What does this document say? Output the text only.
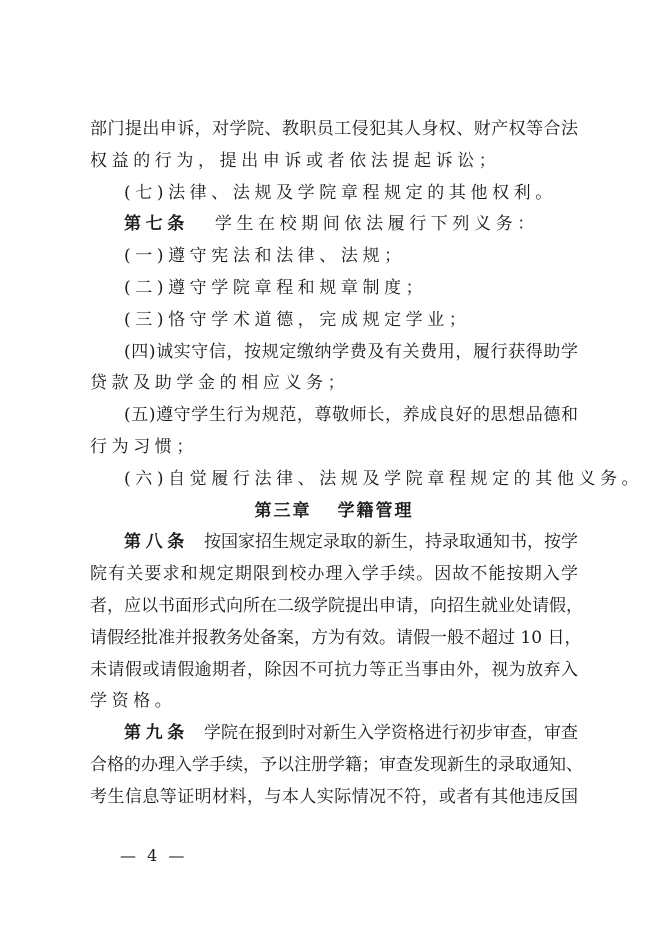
部门提出申诉，对学院、教职员工侵犯其人身权、财产权等合法
权益的行为，提出申诉或者依法提起诉讼；
(七)法律、法规及学院章程规定的其他权利。
第七条 学生在校期间依法履行下列义务：
(一)遵守宪法和法律、法规；
(二)遵守学院章程和规章制度；
(三)恪守学术道德，完成规定学业；
(四)诚实守信，按规定缴纳学费及有关费用，履行获得助学
贷款及助学金的相应义务；
(五)遵守学生行为规范，尊敬师长，养成良好的思想品德和
行为习惯；
(六)自觉履行法律、法规及学院章程规定的其他义务。
第三章 学籍管理
第八条 按国家招生规定录取的新生，持录取通知书，按学
院有关要求和规定期限到校办理入学手续。因故不能按期入学
者，应以书面形式向所在二级学院提出申请，向招生就业处请假，
请假经批准并报教务处备案，方为有效。请假一般不超过 10 日，
未请假或请假逾期者，除因不可抗力等正当事由外，视为放弃入
学资格。
第九条 学院在报到时对新生入学资格进行初步审查，审查
合格的办理入学手续，予以注册学籍；审查发现新生的录取通知、
考生信息等证明材料，与本人实际情况不符，或者有其他违反国
— 4 —
